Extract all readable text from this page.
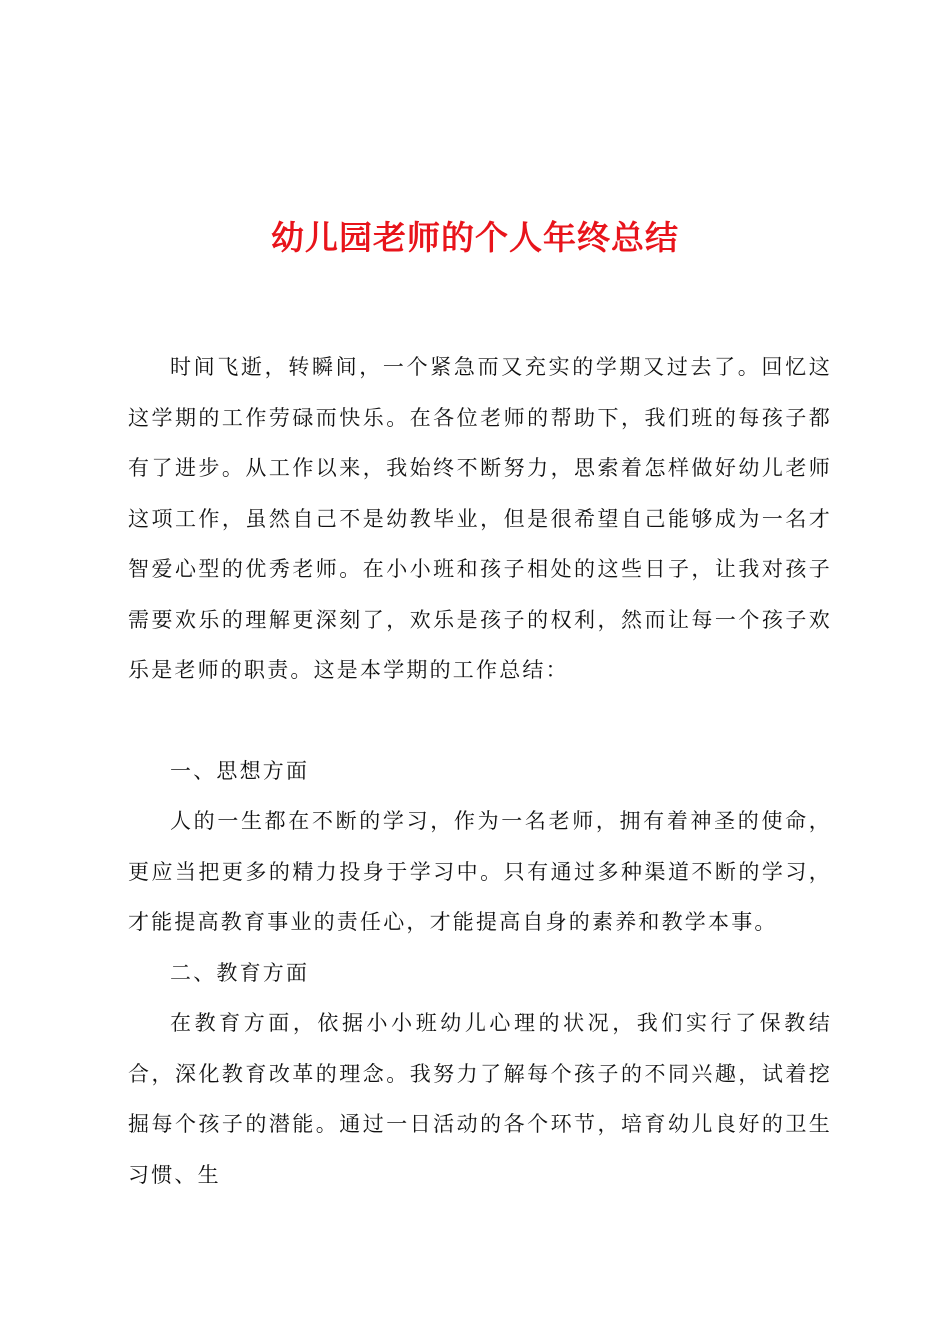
幼儿园老师的个人年终总结

时间飞逝，转瞬间，一个紧急而又充实的学期又过去了。回忆这这学期的工作劳碌而快乐。在各位老师的帮助下，我们班的每孩子都有了进步。从工作以来，我始终不断努力，思索着怎样做好幼儿老师这项工作，虽然自己不是幼教毕业，但是很希望自己能够成为一名才智爱心型的优秀老师。在小小班和孩子相处的这些日子，让我对孩子需要欢乐的理解更深刻了，欢乐是孩子的权利，然而让每一个孩子欢乐是老师的职责。这是本学期的工作总结：

一、思想方面

人的一生都在不断的学习，作为一名老师，拥有着神圣的使命，更应当把更多的精力投身于学习中。只有通过多种渠道不断的学习，才能提高教育事业的责任心，才能提高自身的素养和教学本事。

二、教育方面

在教育方面，依据小小班幼儿心理的状况，我们实行了保教结合，深化教育改革的理念。我努力了解每个孩子的不同兴趣，试着挖掘每个孩子的潜能。通过一日活动的各个环节，培育幼儿良好的卫生习惯、生
